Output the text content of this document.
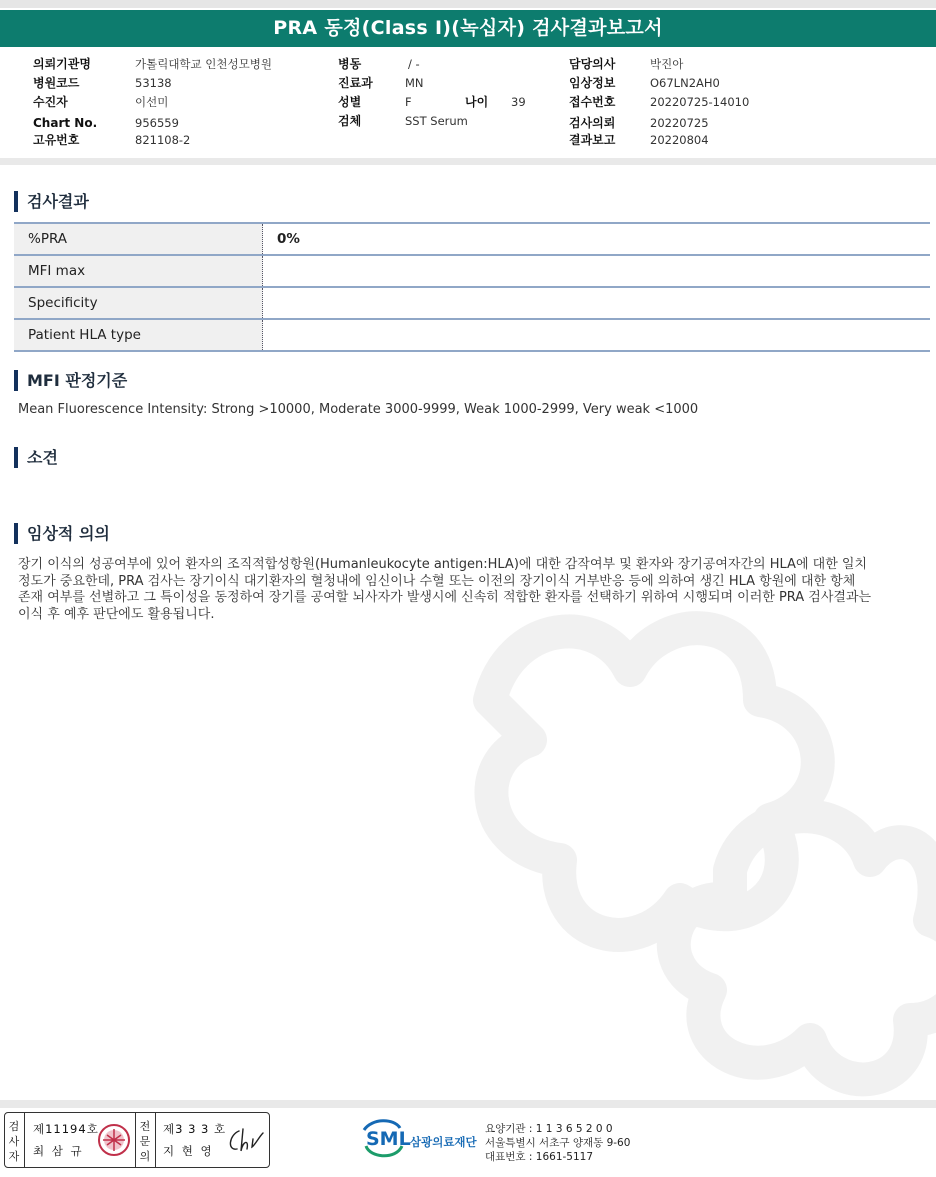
PRA 동정(Class I)(녹십자) 검사결과보고서
의뢰기관명	가톨릭대학교 인천성모병원
병원코드	53138
수진자	이선미
Chart No.	956559
고유번호	821108-2
병동	/ -
진료과	MN
성별	F	나이 39
검체	SST Serum
담당의사	박진아
임상정보	O67LN2AH0
접수번호	20220725-14010
검사의뢰	20220725
결과보고	20220804
검사결과
%PRA	0%
MFI max	
Specificity	
Patient HLA type	
MFI 판정기준
Mean Fluorescence Intensity: Strong >10000, Moderate 3000-9999, Weak 1000-2999, Very weak <1000
소견
임상적 의의
장기 이식의 성공여부에 있어 환자의 조직적합성항원(Humanleukocyte antigen:HLA)에 대한 감작여부 및 환자와 장기공여자간의 HLA에 대한 일치
정도가 중요한데, PRA 검사는 장기이식 대기환자의 혈청내에 임신이나 수혈 또는 이전의 장기이식 거부반응 등에 의하여 생긴 HLA 항원에 대한 항체
존재 여부를 선별하고 그 특이성을 동정하여 장기를 공여할 뇌사자가 발생시에 신속히 적합한 환자를 선택하기 위하여 시행되며 이러한 PRA 검사결과는
이식 후 예후 판단에도 활용됩니다.
검사자
제11194호
최 삼 규
전문의
제3 3 3 호
지 현 영
SML 삼광의료재단
요양기관 : 1 1 3 6 5 2 0 0
서울특별시 서초구 양재동 9-60
대표번호 : 1661-5117
